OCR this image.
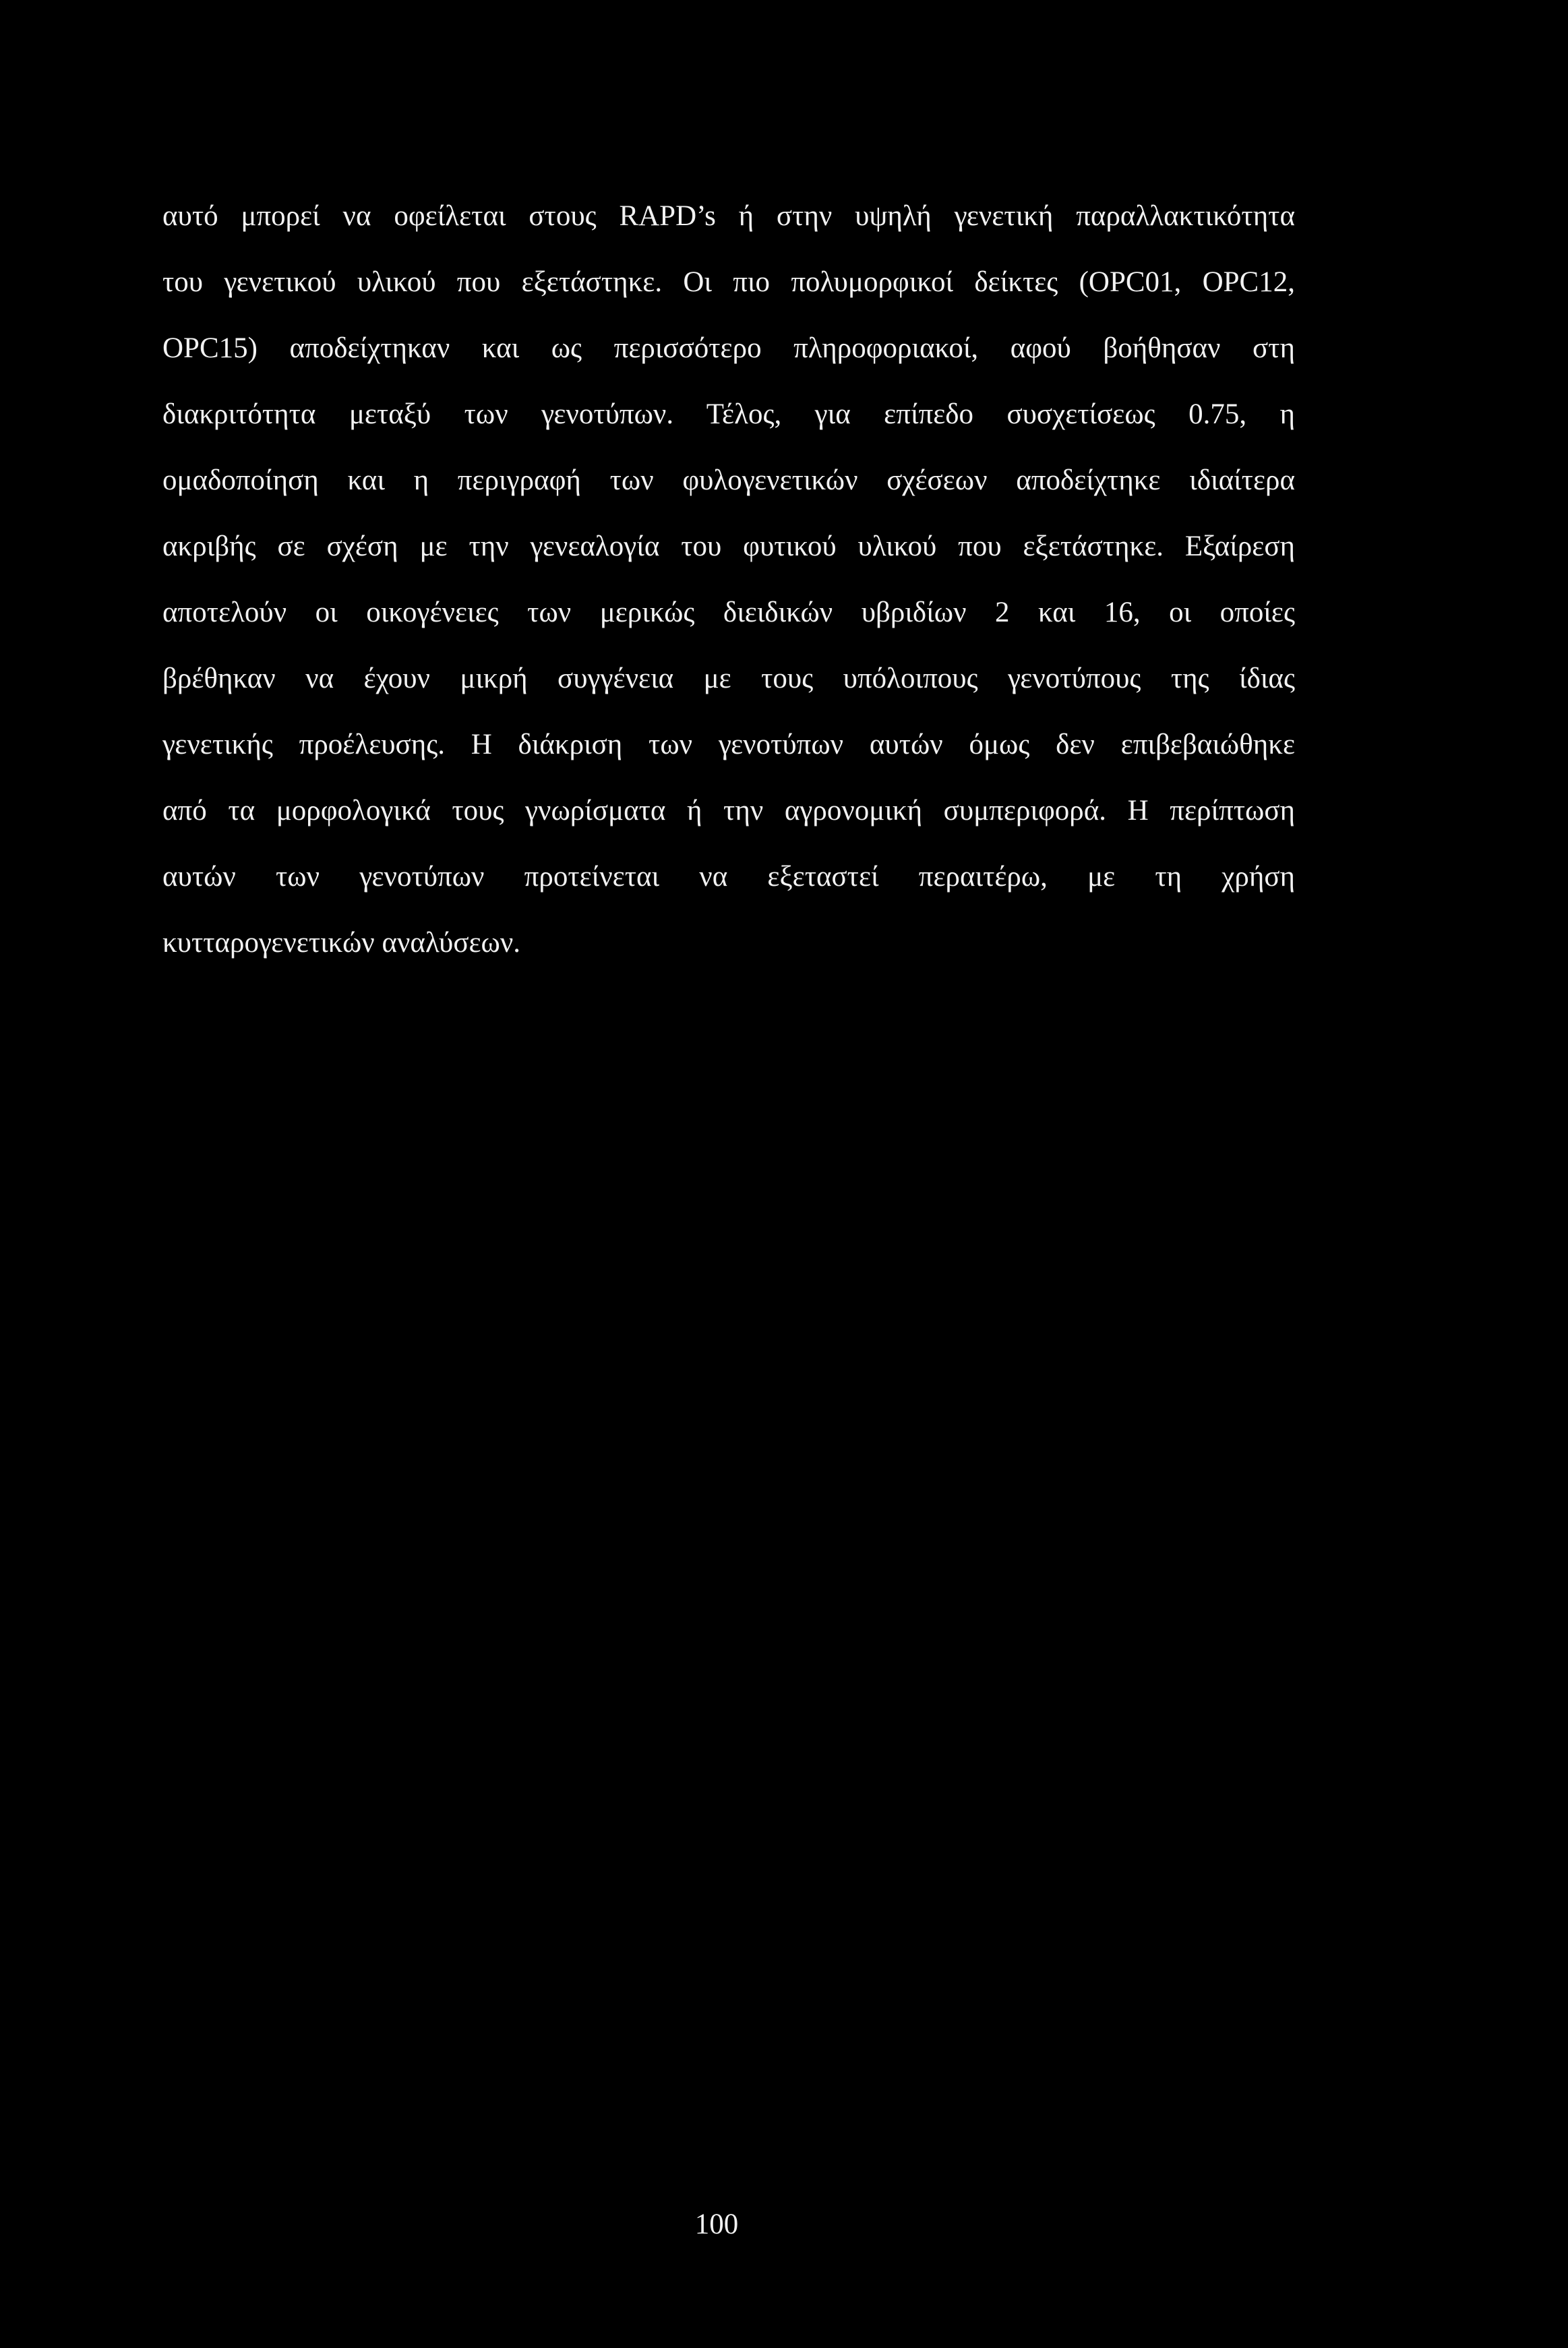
αυτό μπορεί να οφείλεται στους RAPD’s ή στην υψηλή γενετική παραλλακτικότητα
του γενετικού υλικού που εξετάστηκε. Οι πιο πολυμορφικοί δείκτες (OPC01, OPC12,
OPC15) αποδείχτηκαν και ως περισσότερο πληροφοριακοί, αφού βοήθησαν στη
διακριτότητα μεταξύ των γενοτύπων. Τέλος, για επίπεδο συσχετίσεως 0.75, η
ομαδοποίηση και η περιγραφή των φυλογενετικών σχέσεων αποδείχτηκε ιδιαίτερα
ακριβής σε σχέση με την γενεαλογία του φυτικού υλικού που εξετάστηκε. Εξαίρεση
αποτελούν οι οικογένειες των μερικώς διειδικών υβριδίων 2 και 16, οι οποίες
βρέθηκαν να έχουν μικρή συγγένεια με τους υπόλοιπους γενοτύπους της ίδιας
γενετικής προέλευσης. Η διάκριση των γενοτύπων αυτών όμως δεν επιβεβαιώθηκε
από τα μορφολογικά τους γνωρίσματα ή την αγρονομική συμπεριφορά. Η περίπτωση
αυτών των γενοτύπων προτείνεται να εξεταστεί περαιτέρω, με τη χρήση
κυτταρογενετικών αναλύσεων.
100
